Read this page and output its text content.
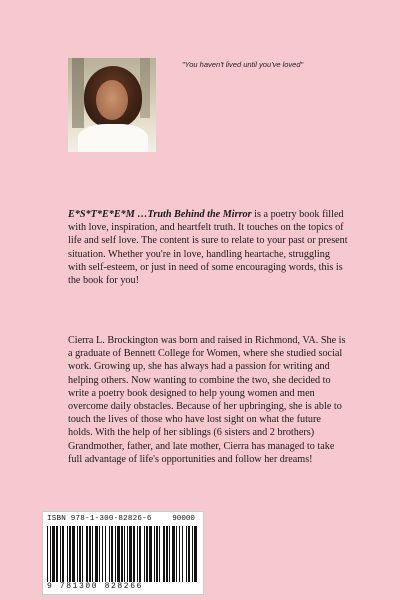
"You haven't lived until you've loved"

E*S*T*E*E*M …Truth Behind the Mirror is a poetry book filled with love, inspiration, and heartfelt truth. It touches on the topics of life and self love. The content is sure to relate to your past or present situation. Whether you're in love, handling heartache, struggling with self-esteem, or just in need of some encouraging words, this is the book for you!

Cierra L. Brockington was born and raised in Richmond, VA. She is a graduate of Bennett College for Women, where she studied social work. Growing up, she has always had a passion for writing and helping others. Now wanting to combine the two, she decided to write a poetry book designed to help young women and men overcome daily obstacles. Because of her upbringing, she is able to touch the lives of those who have lost sight on what the future holds. With the help of her siblings (6 sisters and 2 brothers) Grandmother, father, and late mother, Cierra has managed to take full advantage of life's opportunities and follow her dreams!

ISBN 978-1-300-82826-6	90000
9 781300 828266
